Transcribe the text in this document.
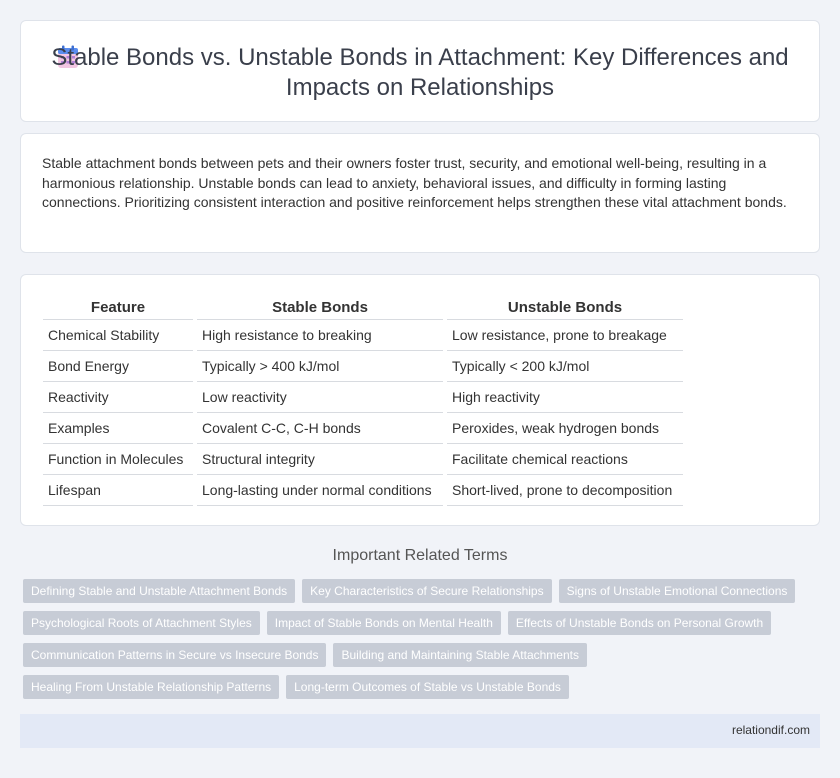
Stable Bonds vs. Unstable Bonds in Attachment: Key Differences and Impacts on Relationships

Stable attachment bonds between pets and their owners foster trust, security, and emotional well-being, resulting in a harmonious relationship. Unstable bonds can lead to anxiety, behavioral issues, and difficulty in forming lasting connections. Prioritizing consistent interaction and positive reinforcement helps strengthen these vital attachment bonds.

Feature		Stable Bonds		Unstable Bonds
Chemical Stability		High resistance to breaking		Low resistance, prone to breakage
Bond Energy		Typically > 400 kJ/mol		Typically < 200 kJ/mol
Reactivity		Low reactivity		High reactivity
Examples		Covalent C-C, C-H bonds		Peroxides, weak hydrogen bonds
Function in Molecules		Structural integrity		Facilitate chemical reactions
Lifespan		Long-lasting under normal conditions		Short-lived, prone to decomposition
Important Related Terms
Defining Stable and Unstable Attachment Bonds	Key Characteristics of Secure Relationships	Signs of Unstable Emotional Connections
Psychological Roots of Attachment Styles	Impact of Stable Bonds on Mental Health	Effects of Unstable Bonds on Personal Growth
Communication Patterns in Secure vs Insecure Bonds	Building and Maintaining Stable Attachments
Healing From Unstable Relationship Patterns	Long-term Outcomes of Stable vs Unstable Bonds
relationdif.com
